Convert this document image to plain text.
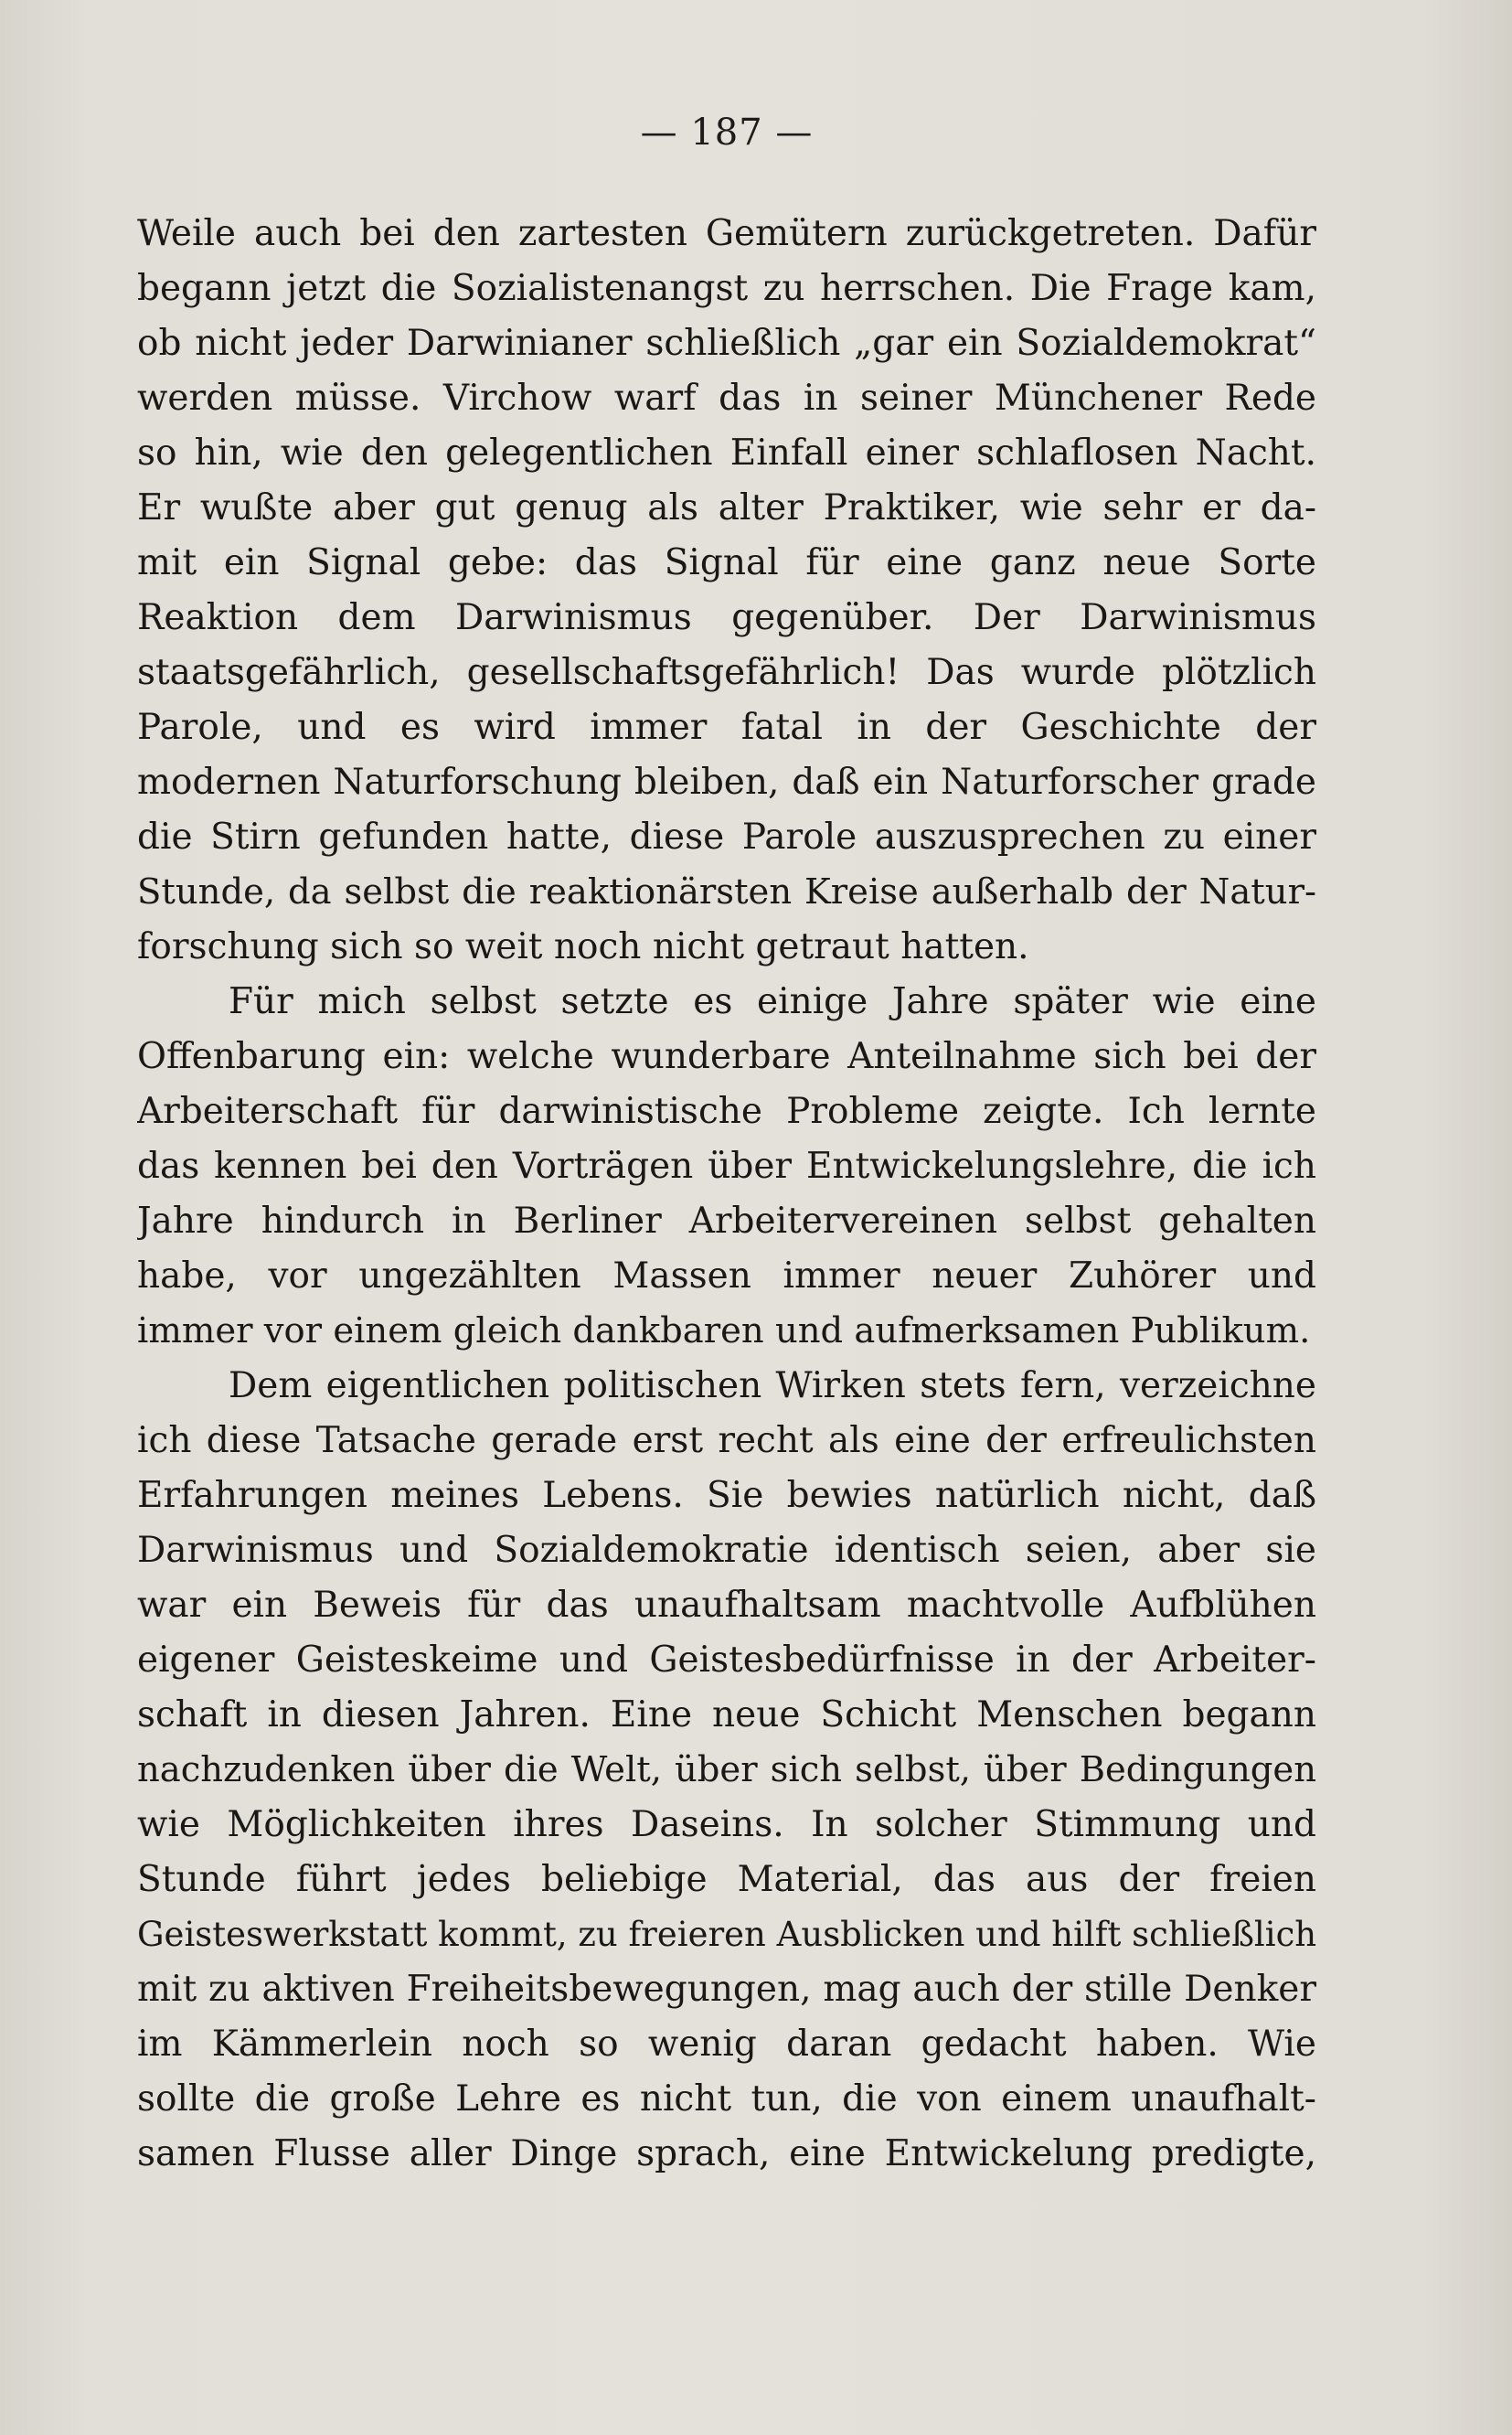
— 187 —
Weile auch bei den zartesten Gemütern zurückgetreten. Dafür
begann jetzt die Sozialistenangst zu herrschen. Die Frage kam,
ob nicht jeder Darwinianer schließlich „gar ein Sozialdemokrat“
werden müsse. Virchow warf das in seiner Münchener Rede
so hin, wie den gelegentlichen Einfall einer schlaflosen Nacht.
Er wußte aber gut genug als alter Praktiker, wie sehr er da-
mit ein Signal gebe: das Signal für eine ganz neue Sorte
Reaktion dem Darwinismus gegenüber. Der Darwinismus
staatsgefährlich, gesellschaftsgefährlich! Das wurde plötzlich
Parole, und es wird immer fatal in der Geschichte der
modernen Naturforschung bleiben, daß ein Naturforscher grade
die Stirn gefunden hatte, diese Parole auszusprechen zu einer
Stunde, da selbst die reaktionärsten Kreise außerhalb der Natur-
forschung sich so weit noch nicht getraut hatten.
Für mich selbst setzte es einige Jahre später wie eine
Offenbarung ein: welche wunderbare Anteilnahme sich bei der
Arbeiterschaft für darwinistische Probleme zeigte. Ich lernte
das kennen bei den Vorträgen über Entwickelungslehre, die ich
Jahre hindurch in Berliner Arbeitervereinen selbst gehalten
habe, vor ungezählten Massen immer neuer Zuhörer und
immer vor einem gleich dankbaren und aufmerksamen Publikum.
Dem eigentlichen politischen Wirken stets fern, verzeichne
ich diese Tatsache gerade erst recht als eine der erfreulichsten
Erfahrungen meines Lebens. Sie bewies natürlich nicht, daß
Darwinismus und Sozialdemokratie identisch seien, aber sie
war ein Beweis für das unaufhaltsam machtvolle Aufblühen
eigener Geisteskeime und Geistesbedürfnisse in der Arbeiter-
schaft in diesen Jahren. Eine neue Schicht Menschen begann
nachzudenken über die Welt, über sich selbst, über Bedingungen
wie Möglichkeiten ihres Daseins. In solcher Stimmung und
Stunde führt jedes beliebige Material, das aus der freien
Geisteswerkstatt kommt, zu freieren Ausblicken und hilft schließlich
mit zu aktiven Freiheitsbewegungen, mag auch der stille Denker
im Kämmerlein noch so wenig daran gedacht haben. Wie
sollte die große Lehre es nicht tun, die von einem unaufhalt-
samen Flusse aller Dinge sprach, eine Entwickelung predigte,
